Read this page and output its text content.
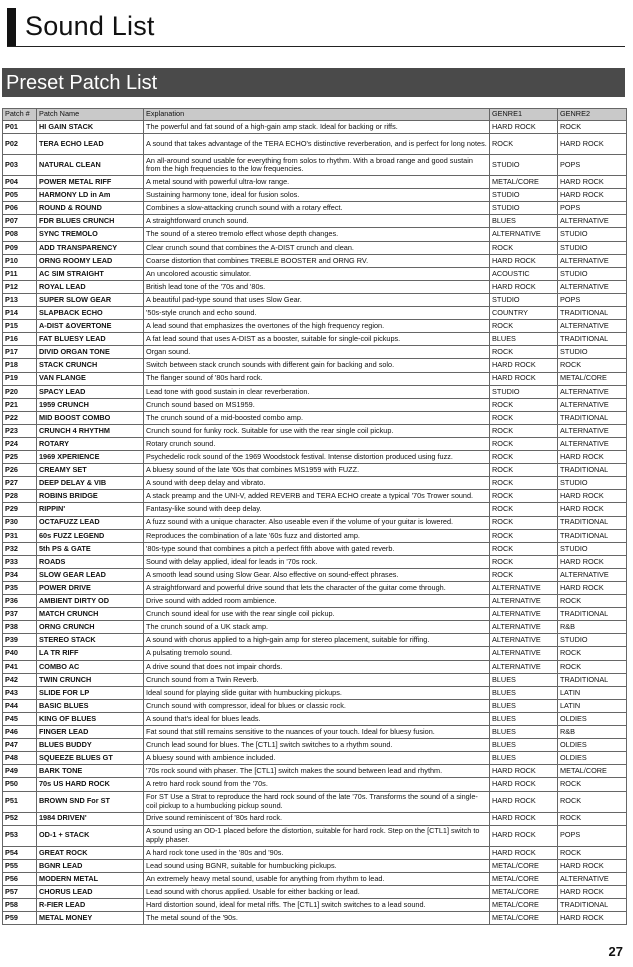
Sound List
Preset Patch List
Patch #	Patch Name	Explanation	GENRE1	GENRE2
P01	HI GAIN STACK	The powerful and fat sound of a high-gain amp stack. Ideal for backing or riffs.	HARD ROCK	ROCK
P02	TERA ECHO LEAD	A sound that takes advantage of the TERA ECHO's distinctive reverberation, and is perfect for long notes.	ROCK	HARD ROCK
P03	NATURAL CLEAN	An all-around sound usable for everything from solos to rhythm. With a broad range and good sustain from the high frequencies to the low frequencies.	STUDIO	POPS
P04	POWER METAL RIFF	A metal sound with powerful ultra-low range.	METAL/CORE	HARD ROCK
P05	HARMONY LD in Am	Sustaining harmony tone, ideal for fusion solos.	STUDIO	HARD ROCK
P06	ROUND & ROUND	Combines a slow-attacking crunch sound with a rotary effect.	STUDIO	POPS
P07	FDR BLUES CRUNCH	A straightforward crunch sound.	BLUES	ALTERNATIVE
P08	SYNC TREMOLO	The sound of a stereo tremolo effect whose depth changes.	ALTERNATIVE	STUDIO
P09	ADD TRANSPARENCY	Clear crunch sound that combines the A-DIST crunch and clean.	ROCK	STUDIO
P10	ORNG ROOMY LEAD	Coarse distortion that combines TREBLE BOOSTER and ORNG RV.	HARD ROCK	ALTERNATIVE
P11	AC SIM STRAIGHT	An uncolored acoustic simulator.	ACOUSTIC	STUDIO
P12	ROYAL LEAD	British lead tone of the '70s and '80s.	HARD ROCK	ALTERNATIVE
P13	SUPER SLOW GEAR	A beautiful pad-type sound that uses Slow Gear.	STUDIO	POPS
P14	SLAPBACK ECHO	'50s-style crunch and echo sound.	COUNTRY	TRADITIONAL
P15	A-DIST &OVERTONE	A lead sound that emphasizes the overtones of the high frequency region.	ROCK	ALTERNATIVE
P16	FAT BLUESY LEAD	A fat lead sound that uses A-DIST as a booster, suitable for single-coil pickups.	BLUES	TRADITIONAL
P17	DIVID ORGAN TONE	Organ sound.	ROCK	STUDIO
P18	STACK CRUNCH	Switch between stack crunch sounds with different gain for backing and solo.	HARD ROCK	ROCK
P19	VAN FLANGE	The flanger sound of '80s hard rock.	HARD ROCK	METAL/CORE
P20	SPACY LEAD	Lead tone with good sustain in clear reverberation.	STUDIO	ALTERNATIVE
P21	1959 CRUNCH	Crunch sound based on MS1959.	ROCK	ALTERNATIVE
P22	MID BOOST COMBO	The crunch sound of a mid-boosted combo amp.	ROCK	TRADITIONAL
P23	CRUNCH 4 RHYTHM	Crunch sound for funky rock. Suitable for use with the rear single coil pickup.	ROCK	ALTERNATIVE
P24	ROTARY	Rotary crunch sound.	ROCK	ALTERNATIVE
P25	1969 XPERIENCE	Psychedelic rock sound of the 1969 Woodstock festival. Intense distortion produced using fuzz.	ROCK	HARD ROCK
P26	CREAMY SET	A bluesy sound of the late '60s that combines MS1959 with FUZZ.	ROCK	TRADITIONAL
P27	DEEP DELAY & VIB	A sound with deep delay and vibrato.	ROCK	STUDIO
P28	ROBINS BRIDGE	A stack preamp and the UNI-V, added REVERB and TERA ECHO create a typical '70s Trower sound.	ROCK	HARD ROCK
P29	RIPPIN'	Fantasy-like sound with deep delay.	ROCK	HARD ROCK
P30	OCTAFUZZ LEAD	A fuzz sound with a unique character. Also useable even if the volume of your guitar is lowered.	ROCK	TRADITIONAL
P31	60s FUZZ LEGEND	Reproduces the combination of a late '60s fuzz and distorted amp.	ROCK	TRADITIONAL
P32	5th PS & GATE	'80s-type sound that combines a pitch a perfect fifth above with gated reverb.	ROCK	STUDIO
P33	ROADS	Sound with delay applied, ideal for leads in '70s rock.	ROCK	HARD ROCK
P34	SLOW GEAR LEAD	A smooth lead sound using Slow Gear. Also effective on sound-effect phrases.	ROCK	ALTERNATIVE
P35	POWER DRIVE	A straightforward and powerful drive sound that lets the character of the guitar come through.	ALTERNATIVE	HARD ROCK
P36	AMBIENT DIRTY OD	Drive sound with added room ambience.	ALTERNATIVE	ROCK
P37	MATCH CRUNCH	Crunch sound ideal for use with the rear single coil pickup.	ALTERNATIVE	TRADITIONAL
P38	ORNG CRUNCH	The crunch sound of a UK stack amp.	ALTERNATIVE	R&B
P39	STEREO STACK	A sound with chorus applied to a high-gain amp for stereo placement, suitable for riffing.	ALTERNATIVE	STUDIO
P40	LA TR RIFF	A pulsating tremolo sound.	ALTERNATIVE	ROCK
P41	COMBO AC	A drive sound that does not impair chords.	ALTERNATIVE	ROCK
P42	TWIN CRUNCH	Crunch sound from a Twin Reverb.	BLUES	TRADITIONAL
P43	SLIDE FOR LP	Ideal sound for playing slide guitar with humbucking pickups.	BLUES	LATIN
P44	BASIC BLUES	Crunch sound with compressor, ideal for blues or classic rock.	BLUES	LATIN
P45	KING OF BLUES	A sound that's ideal for blues leads.	BLUES	OLDIES
P46	FINGER LEAD	Fat sound that still remains sensitive to the nuances of your touch. Ideal for bluesy fusion.	BLUES	R&B
P47	BLUES BUDDY	Crunch lead sound for blues. The [CTL1] switch switches to a rhythm sound.	BLUES	OLDIES
P48	SQUEEZE BLUES GT	A bluesy sound with ambience included.	BLUES	OLDIES
P49	BARK TONE	'70s rock sound with phaser. The [CTL1] switch makes the sound between lead and rhythm.	HARD ROCK	METAL/CORE
P50	70s US HARD ROCK	A retro hard rock sound from the '70s.	HARD ROCK	ROCK
P51	BROWN SND For ST	For ST Use a Strat to reproduce the hard rock sound of the late '70s. Transforms the sound of a single-coil pickup to a humbucking pickup sound.	HARD ROCK	ROCK
P52	1984 DRIVEN'	Drive sound reminiscent of '80s hard rock.	HARD ROCK	ROCK
P53	OD-1 + STACK	A sound using an OD-1 placed before the distortion, suitable for hard rock. Step on the [CTL1] switch to apply phaser.	HARD ROCK	POPS
P54	GREAT ROCK	A hard rock tone used in the '80s and '90s.	HARD ROCK	ROCK
P55	BGNR LEAD	Lead sound using BGNR, suitable for humbucking pickups.	METAL/CORE	HARD ROCK
P56	MODERN METAL	An extremely heavy metal sound, usable for anything from rhythm to lead.	METAL/CORE	ALTERNATIVE
P57	CHORUS LEAD	Lead sound with chorus applied. Usable for either backing or lead.	METAL/CORE	HARD ROCK
P58	R-FIER LEAD	Hard distortion sound, ideal for metal riffs. The [CTL1] switch switches to a lead sound.	METAL/CORE	TRADITIONAL
P59	METAL MONEY	The metal sound of the '90s.	METAL/CORE	HARD ROCK
27
